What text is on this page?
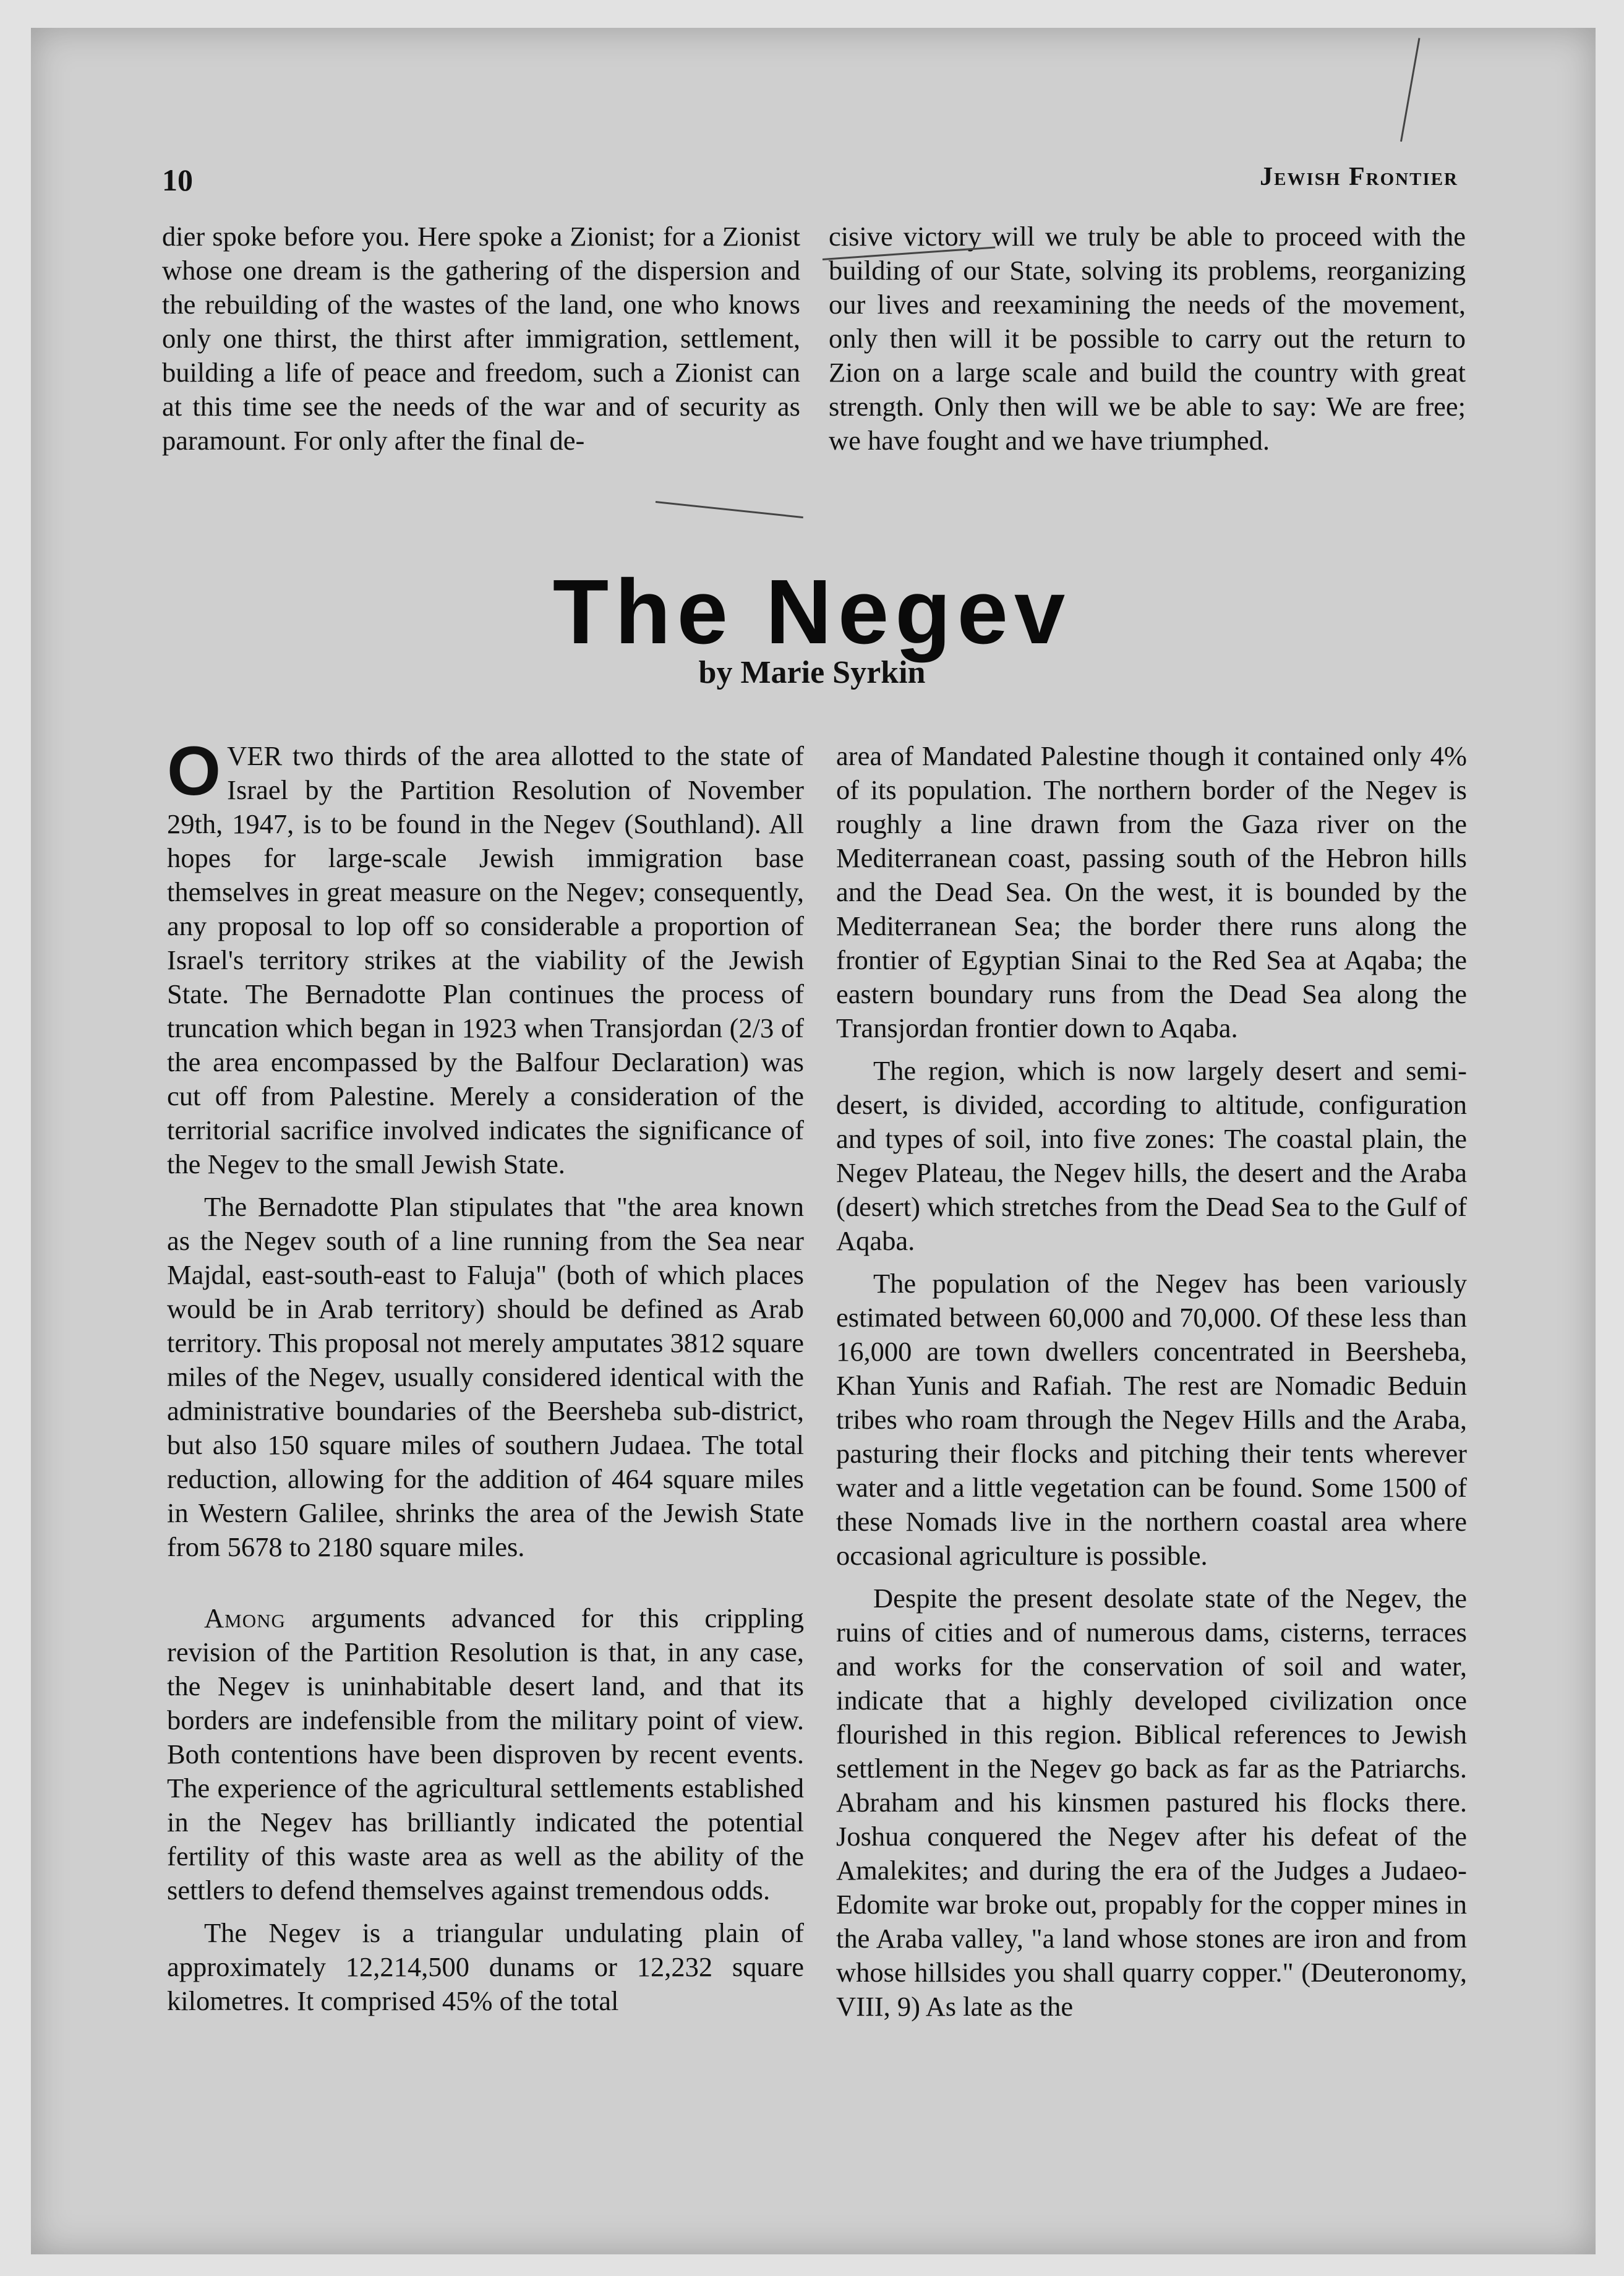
10	Jewish Frontier

dier spoke before you. Here spoke a Zionist; for a Zionist whose one dream is the gathering of the dispersion and the rebuilding of the wastes of the land, one who knows only one thirst, the thirst after immigration, settlement, building a life of peace and freedom, such a Zionist can at this time see the needs of the war and of security as paramount. For only after the final de-

cisive victory will we truly be able to proceed with the building of our State, solving its problems, reorganizing our lives and reexamining the needs of the movement, only then will it be possible to carry out the return to Zion on a large scale and build the country with great strength. Only then will we be able to say: We are free; we have fought and we have triumphed.

The Negev
by Marie Syrkin

OVER two thirds of the area allotted to the state of Israel by the Partition Resolution of November 29th, 1947, is to be found in the Negev (Southland). All hopes for large-scale Jewish immigration base themselves in great measure on the Negev; consequently, any proposal to lop off so considerable a proportion of Israel's territory strikes at the viability of the Jewish State. The Bernadotte Plan continues the process of truncation which began in 1923 when Transjordan (2/3 of the area encompassed by the Balfour Declaration) was cut off from Palestine. Merely a consideration of the territorial sacrifice involved indicates the significance of the Negev to the small Jewish State.

The Bernadotte Plan stipulates that "the area known as the Negev south of a line running from the Sea near Majdal, east-south-east to Faluja" (both of which places would be in Arab territory) should be defined as Arab territory. This proposal not merely amputates 3812 square miles of the Negev, usually considered identical with the administrative boundaries of the Beersheba sub-district, but also 150 square miles of southern Judaea. The total reduction, allowing for the addition of 464 square miles in Western Galilee, shrinks the area of the Jewish State from 5678 to 2180 square miles.

Among arguments advanced for this crippling revision of the Partition Resolution is that, in any case, the Negev is uninhabitable desert land, and that its borders are indefensible from the military point of view. Both contentions have been disproven by recent events. The experience of the agricultural settlements established in the Negev has brilliantly indicated the potential fertility of this waste area as well as the ability of the settlers to defend themselves against tremendous odds.

The Negev is a triangular undulating plain of approximately 12,214,500 dunams or 12,232 square kilometres. It comprised 45% of the total

area of Mandated Palestine though it contained only 4% of its population. The northern border of the Negev is roughly a line drawn from the Gaza river on the Mediterranean coast, passing south of the Hebron hills and the Dead Sea. On the west, it is bounded by the Mediterranean Sea; the border there runs along the frontier of Egyptian Sinai to the Red Sea at Aqaba; the eastern boundary runs from the Dead Sea along the Transjordan frontier down to Aqaba.

The region, which is now largely desert and semi-desert, is divided, according to altitude, configuration and types of soil, into five zones: The coastal plain, the Negev Plateau, the Negev hills, the desert and the Araba (desert) which stretches from the Dead Sea to the Gulf of Aqaba.

The population of the Negev has been variously estimated between 60,000 and 70,000. Of these less than 16,000 are town dwellers concentrated in Beersheba, Khan Yunis and Rafiah. The rest are Nomadic Beduin tribes who roam through the Negev Hills and the Araba, pasturing their flocks and pitching their tents wherever water and a little vegetation can be found. Some 1500 of these Nomads live in the northern coastal area where occasional agriculture is possible.

Despite the present desolate state of the Negev, the ruins of cities and of numerous dams, cisterns, terraces and works for the conservation of soil and water, indicate that a highly developed civilization once flourished in this region. Biblical references to Jewish settlement in the Negev go back as far as the Patriarchs. Abraham and his kinsmen pastured his flocks there. Joshua conquered the Negev after his defeat of the Amalekites; and during the era of the Judges a Judaeo-Edomite war broke out, propably for the copper mines in the Araba valley, "a land whose stones are iron and from whose hillsides you shall quarry copper." (Deuteronomy, VIII, 9) As late as the
